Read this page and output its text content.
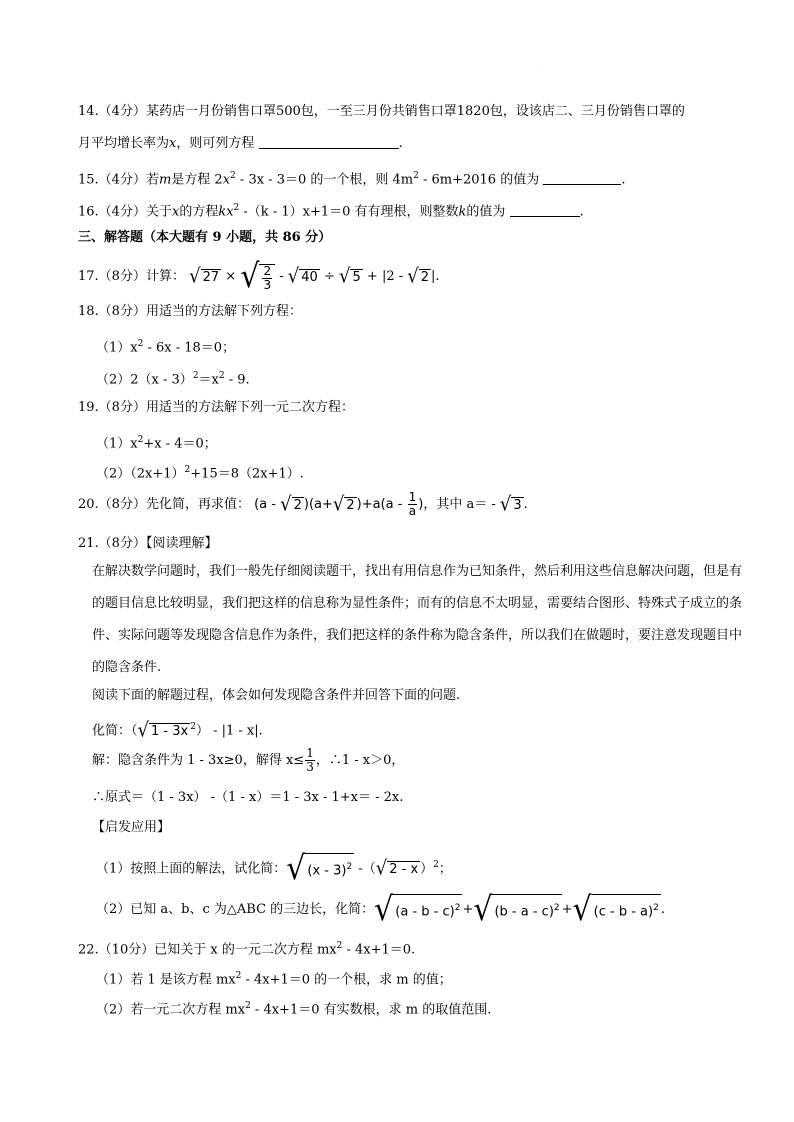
·
14.（4分）某药店一月份销售口罩500包，一至三月份共销售口罩1820包，设该店二、三月份销售口罩的
月平均增长率为x，则可列方程	.
15.（4分）若m是方程 $2x^2 - 3x - 3=0$ 的一个根，则 $4m^2 - 6m+2016$ 的值为	.
16.（4分）关于x的方程$kx^2$ -（k - 1）x+1＝0 有有理根，则整数k的值为	.
三、解答题（本大题有 9 小题，共 86 分）
17.（8分）计算： √ 27 × √ $\frac{2}{3}$ - √ 40 ÷ √ 5 + |2 - √ 2 |.
18.（8分）用适当的方法解下列方程：
$(1)x^2 - 6x - 18=0$；
$(2)2(x - 3)^2=x^2 - 9$.
19.（8分）用适当的方法解下列一元二次方程：
$(1)x^2+x - 4=0$；
$(2)(2x+1)^2+15=8(2x+1)$.
20.（8分）先化简，再求值： (a - √ 2 )(a+ √ 2 )$+a(a - \frac{1}{a}$ )，其中 a＝ - √ 3 .
21.（8分）【阅读理解】
在解决数学问题时，我们一般先仔细阅读题干，找出有用信息作为已知条件，然后利用这些信息解决问题，但是有的题目信息比较明显，我们把这样的信息称为显性条件；而有的信息不太明显，需要结合图形、特殊式子成立的条件、实际问题等发现隐含信息作为条件，我们把这样的条件称为隐含条件，所以我们在做题时，要注意发现题目中的隐含条件.
阅读下面的解题过程，体会如何发现隐含条件并回答下面的问题.
化简：（ √ 1 - 3x $^2$） - |1 - x|.
解：隐含条件为 1 - 3x≥0，解得 $x\le \frac{1}{3}$ ，∴1 - x＞0，
∴原式＝（1 - 3x） -（1 - x）＝1 - 3x - 1+x＝ - 2x.
【启发应用】
（1）按照上面的解法，试化简： √ (x - 3)$^2$ -（ √ 2 - x ）$^2$；
（2）已知 a、b、c 为△ABC 的三边长，化简： √ (a - b - c)$^2$ + √ (b - a - c)$^2$ + √ (c - b - a)$^2$ .
22.（10分）已知关于 x 的一元二次方程 $mx^2 - 4x+1=0$.
（1）若 1 是该方程 $mx^2 - 4x+1=0$ 的一个根，求 m 的值；
（2）若一元二次方程 $mx^2 - 4x+1=0$ 有实数根，求 m 的取值范围.
